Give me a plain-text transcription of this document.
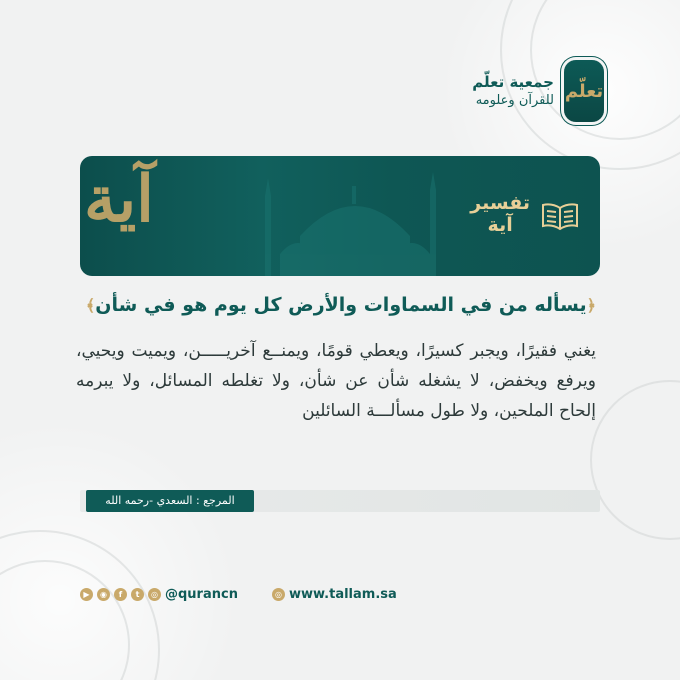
جمعية تعلّم
للقرآن وعلومه تعلّم
آية	تفسير
آية
﴿يسأله من في السماوات والأرض كل يوم هو في شأن﴾
يغني فقيرًا، ويجبر كسيرًا، ويعطي قومًا، ويمنــع آخريـــــن، ويميت ويحيي، ويرفع ويخفض، لا يشغله شأن عن شأن، ولا تغلطه المسائل، ولا يبرمه إلحاح الملحين، ولا طول مسألـــة السائلين
المرجع : السعدي -رحمه الله
▶	◉	f	t	◎ @qurancn	◎ www.tallam.sa
